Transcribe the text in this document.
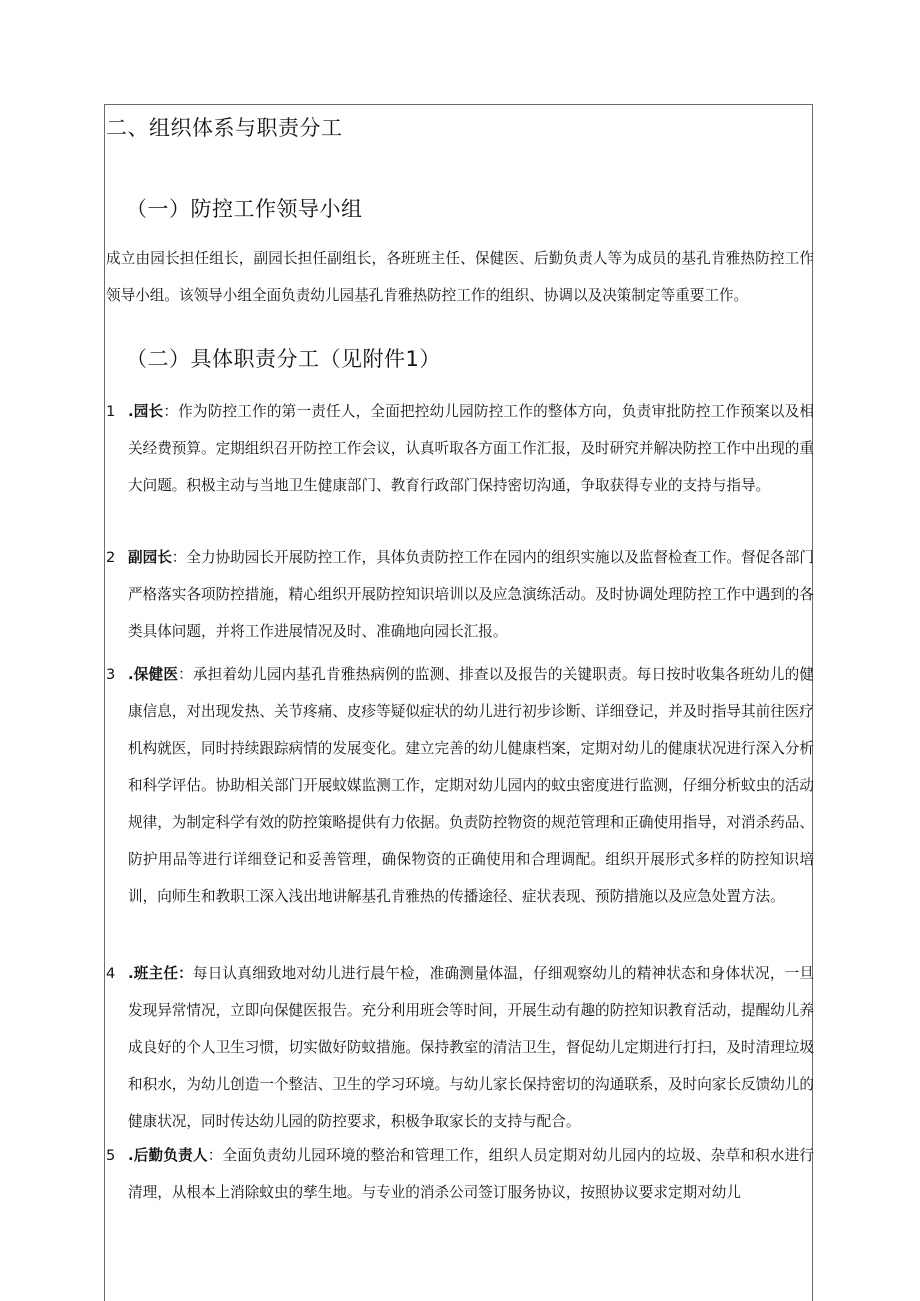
二、组织体系与职责分工
（一）防控工作领导小组
成立由园长担任组长，副园长担任副组长，各班班主任、保健医、后勤负责人等为成员的基孔肯雅热防控工作领导小组。该领导小组全面负责幼儿园基孔肯雅热防控工作的组织、协调以及决策制定等重要工作。
（二）具体职责分工（见附件1）
1 .园长：作为防控工作的第一责任人，全面把控幼儿园防控工作的整体方向，负责审批防控工作预案以及相关经费预算。定期组织召开防控工作会议，认真听取各方面工作汇报，及时研究并解决防控工作中出现的重大问题。积极主动与当地卫生健康部门、教育行政部门保持密切沟通，争取获得专业的支持与指导。
2 副园长：全力协助园长开展防控工作，具体负责防控工作在园内的组织实施以及监督检查工作。督促各部门严格落实各项防控措施，精心组织开展防控知识培训以及应急演练活动。及时协调处理防控工作中遇到的各类具体问题，并将工作进展情况及时、准确地向园长汇报。
3 .保健医：承担着幼儿园内基孔肯雅热病例的监测、排查以及报告的关键职责。每日按时收集各班幼儿的健康信息，对出现发热、关节疼痛、皮疹等疑似症状的幼儿进行初步诊断、详细登记，并及时指导其前往医疗机构就医，同时持续跟踪病情的发展变化。建立完善的幼儿健康档案，定期对幼儿的健康状况进行深入分析和科学评估。协助相关部门开展蚊媒监测工作，定期对幼儿园内的蚊虫密度进行监测，仔细分析蚊虫的活动规律，为制定科学有效的防控策略提供有力依据。负责防控物资的规范管理和正确使用指导，对消杀药品、防护用品等进行详细登记和妥善管理，确保物资的正确使用和合理调配。组织开展形式多样的防控知识培训，向师生和教职工深入浅出地讲解基孔肯雅热的传播途径、症状表现、预防措施以及应急处置方法。
4 .班主任：每日认真细致地对幼儿进行晨午检，准确测量体温，仔细观察幼儿的精神状态和身体状况，一旦发现异常情况，立即向保健医报告。充分利用班会等时间，开展生动有趣的防控知识教育活动，提醒幼儿养成良好的个人卫生习惯，切实做好防蚊措施。保持教室的清洁卫生，督促幼儿定期进行打扫，及时清理垃圾和积水，为幼儿创造一个整洁、卫生的学习环境。与幼儿家长保持密切的沟通联系，及时向家长反馈幼儿的健康状况，同时传达幼儿园的防控要求，积极争取家长的支持与配合。
5 .后勤负责人：全面负责幼儿园环境的整治和管理工作，组织人员定期对幼儿园内的垃圾、杂草和积水进行清理，从根本上消除蚊虫的孳生地。与专业的消杀公司签订服务协议，按照协议要求定期对幼儿
